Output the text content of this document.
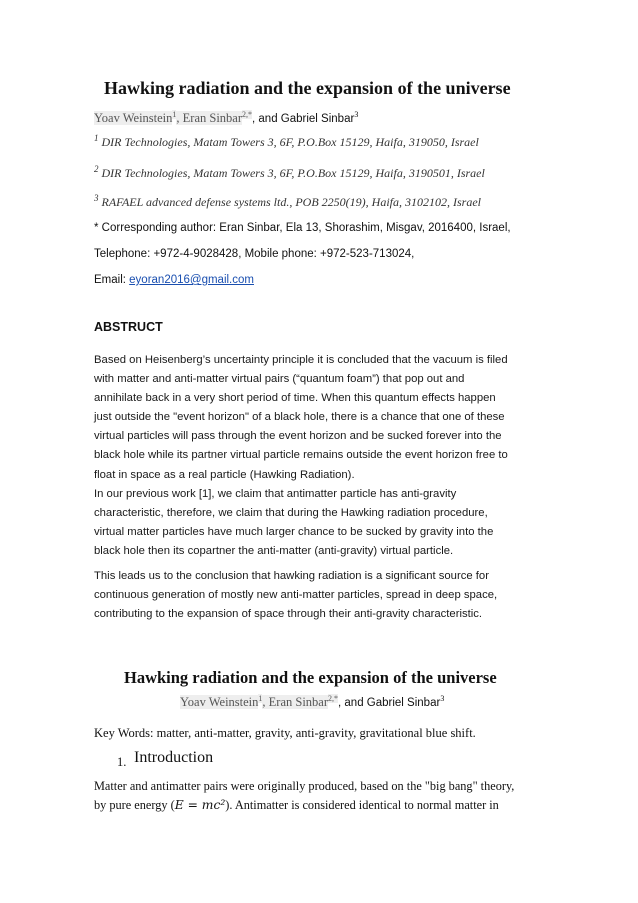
Hawking radiation and the expansion of the universe
Yoav Weinstein$^1$, Eran Sinbar$^{2,*}$, and Gabriel Sinbar$^3$
$^1$ DIR Technologies, Matam Towers 3, 6F, P.O.Box 15129, Haifa, 319050, Israel
$^2$ DIR Technologies, Matam Towers 3, 6F, P.O.Box 15129, Haifa, 3190501, Israel
$^3$ RAFAEL advanced defense systems ltd., POB 2250(19), Haifa, 3102102, Israel
* Corresponding author: Eran Sinbar, Ela 13, Shorashim, Misgav, 2016400, Israel,
Telephone: +972-4-9028428, Mobile phone: +972-523-713024,
Email: eyoran2016@gmail.com
ABSTRUCT
Based on Heisenberg’s uncertainty principle it is concluded that the vacuum is filed
with matter and anti-matter virtual pairs (“quantum foam”) that pop out and
annihilate back in a very short period of time. When this quantum effects happen
just outside the "event horizon" of a black hole, there is a chance that one of these
virtual particles will pass through the event horizon and be sucked forever into the
black hole while its partner virtual particle remains outside the event horizon free to
float in space as a real particle (Hawking Radiation).
In our previous work [1], we claim that antimatter particle has anti-gravity
characteristic, therefore, we claim that during the Hawking radiation procedure,
virtual matter particles have much larger chance to be sucked by gravity into the
black hole then its copartner the anti-matter (anti-gravity) virtual particle.
This leads us to the conclusion that hawking radiation is a significant source for
continuous generation of mostly new anti-matter particles, spread in deep space,
contributing to the expansion of space through their anti-gravity characteristic.
Hawking radiation and the expansion of the universe
Yoav Weinstein$^1$, Eran Sinbar$^{2,*}$, and Gabriel Sinbar$^3$
Key Words: matter, anti-matter, gravity, anti-gravity, gravitational blue shift.
1. Introduction
Matter and antimatter pairs were originally produced, based on the "big bang" theory,
by pure energy (E = mc²). Antimatter is considered identical to normal matter in
